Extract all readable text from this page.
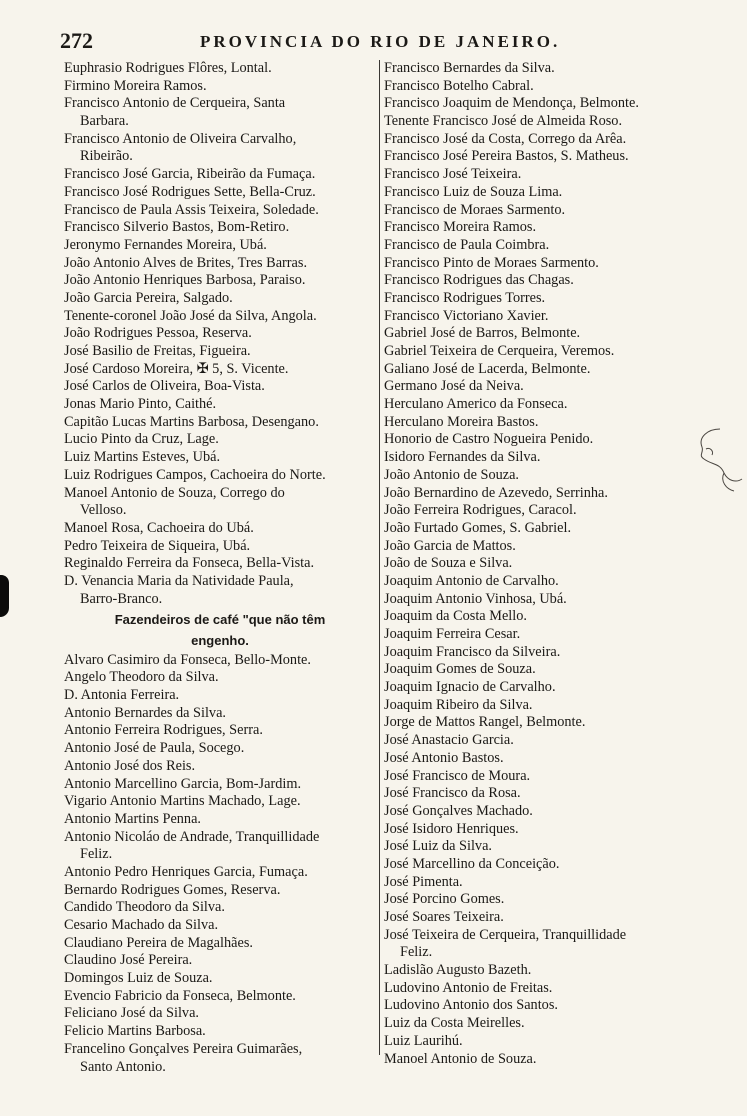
272	PROVINCIA DO RIO DE JANEIRO.
Euphrasio Rodrigues Flôres, Lontal.
Firmino Moreira Ramos.
Francisco Antonio de Cerqueira, Santa
Barbara.
Francisco Antonio de Oliveira Carvalho,
Ribeirão.
Francisco José Garcia, Ribeirão da Fumaça.
Francisco José Rodrigues Sette, Bella-Cruz.
Francisco de Paula Assis Teixeira, Soledade.
Francisco Silverio Bastos, Bom-Retiro.
Jeronymo Fernandes Moreira, Ubá.
João Antonio Alves de Brites, Tres Barras.
João Antonio Henriques Barbosa, Paraiso.
João Garcia Pereira, Salgado.
Tenente-coronel João José da Silva, Angola.
João Rodrigues Pessoa, Reserva.
José Basilio de Freitas, Figueira.
José Cardoso Moreira, ✠ 5, S. Vicente.
José Carlos de Oliveira, Boa-Vista.
Jonas Mario Pinto, Caithé.
Capitão Lucas Martins Barbosa, Desengano.
Lucio Pinto da Cruz, Lage.
Luiz Martins Esteves, Ubá.
Luiz Rodrigues Campos, Cachoeira do Norte.
Manoel Antonio de Souza, Corrego do
Velloso.
Manoel Rosa, Cachoeira do Ubá.
Pedro Teixeira de Siqueira, Ubá.
Reginaldo Ferreira da Fonseca, Bella-Vista.
D. Venancia Maria da Natividade Paula,
Barro-Branco.
Fazendeiros de café "que não têm
engenho.
Alvaro Casimiro da Fonseca, Bello-Monte.
Angelo Theodoro da Silva.
D. Antonia Ferreira.
Antonio Bernardes da Silva.
Antonio Ferreira Rodrigues, Serra.
Antonio José de Paula, Socego.
Antonio José dos Reis.
Antonio Marcellino Garcia, Bom-Jardim.
Vigario Antonio Martins Machado, Lage.
Antonio Martins Penna.
Antonio Nicoláo de Andrade, Tranquillidade
Feliz.
Antonio Pedro Henriques Garcia, Fumaça.
Bernardo Rodrigues Gomes, Reserva.
Candido Theodoro da Silva.
Cesario Machado da Silva.
Claudiano Pereira de Magalhães.
Claudino José Pereira.
Domingos Luiz de Souza.
Evencio Fabricio da Fonseca, Belmonte.
Feliciano José da Silva.
Felicio Martins Barbosa.
Francelino Gonçalves Pereira Guimarães,
Santo Antonio.
Francisco Bernardes da Silva.
Francisco Botelho Cabral.
Francisco Joaquim de Mendonça, Belmonte.
Tenente Francisco José de Almeida Roso.
Francisco José da Costa, Corrego da Arêa.
Francisco José Pereira Bastos, S. Matheus.
Francisco José Teixeira.
Francisco Luiz de Souza Lima.
Francisco de Moraes Sarmento.
Francisco Moreira Ramos.
Francisco de Paula Coimbra.
Francisco Pinto de Moraes Sarmento.
Francisco Rodrigues das Chagas.
Francisco Rodrigues Torres.
Francisco Victoriano Xavier.
Gabriel José de Barros, Belmonte.
Gabriel Teixeira de Cerqueira, Veremos.
Galiano José de Lacerda, Belmonte.
Germano José da Neiva.
Herculano Americo da Fonseca.
Herculano Moreira Bastos.
Honorio de Castro Nogueira Penido.
Isidoro Fernandes da Silva.
João Antonio de Souza.
João Bernardino de Azevedo, Serrinha.
João Ferreira Rodrigues, Caracol.
João Furtado Gomes, S. Gabriel.
João Garcia de Mattos.
João de Souza e Silva.
Joaquim Antonio de Carvalho.
Joaquim Antonio Vinhosa, Ubá.
Joaquim da Costa Mello.
Joaquim Ferreira Cesar.
Joaquim Francisco da Silveira.
Joaquim Gomes de Souza.
Joaquim Ignacio de Carvalho.
Joaquim Ribeiro da Silva.
Jorge de Mattos Rangel, Belmonte.
José Anastacio Garcia.
José Antonio Bastos.
José Francisco de Moura.
José Francisco da Rosa.
José Gonçalves Machado.
José Isidoro Henriques.
José Luiz da Silva.
José Marcellino da Conceição.
José Pimenta.
José Porcino Gomes.
José Soares Teixeira.
José Teixeira de Cerqueira, Tranquillidade
Feliz.
Ladislão Augusto Bazeth.
Ludovino Antonio de Freitas.
Ludovino Antonio dos Santos.
Luiz da Costa Meirelles.
Luiz Laurihú.
Manoel Antonio de Souza.
